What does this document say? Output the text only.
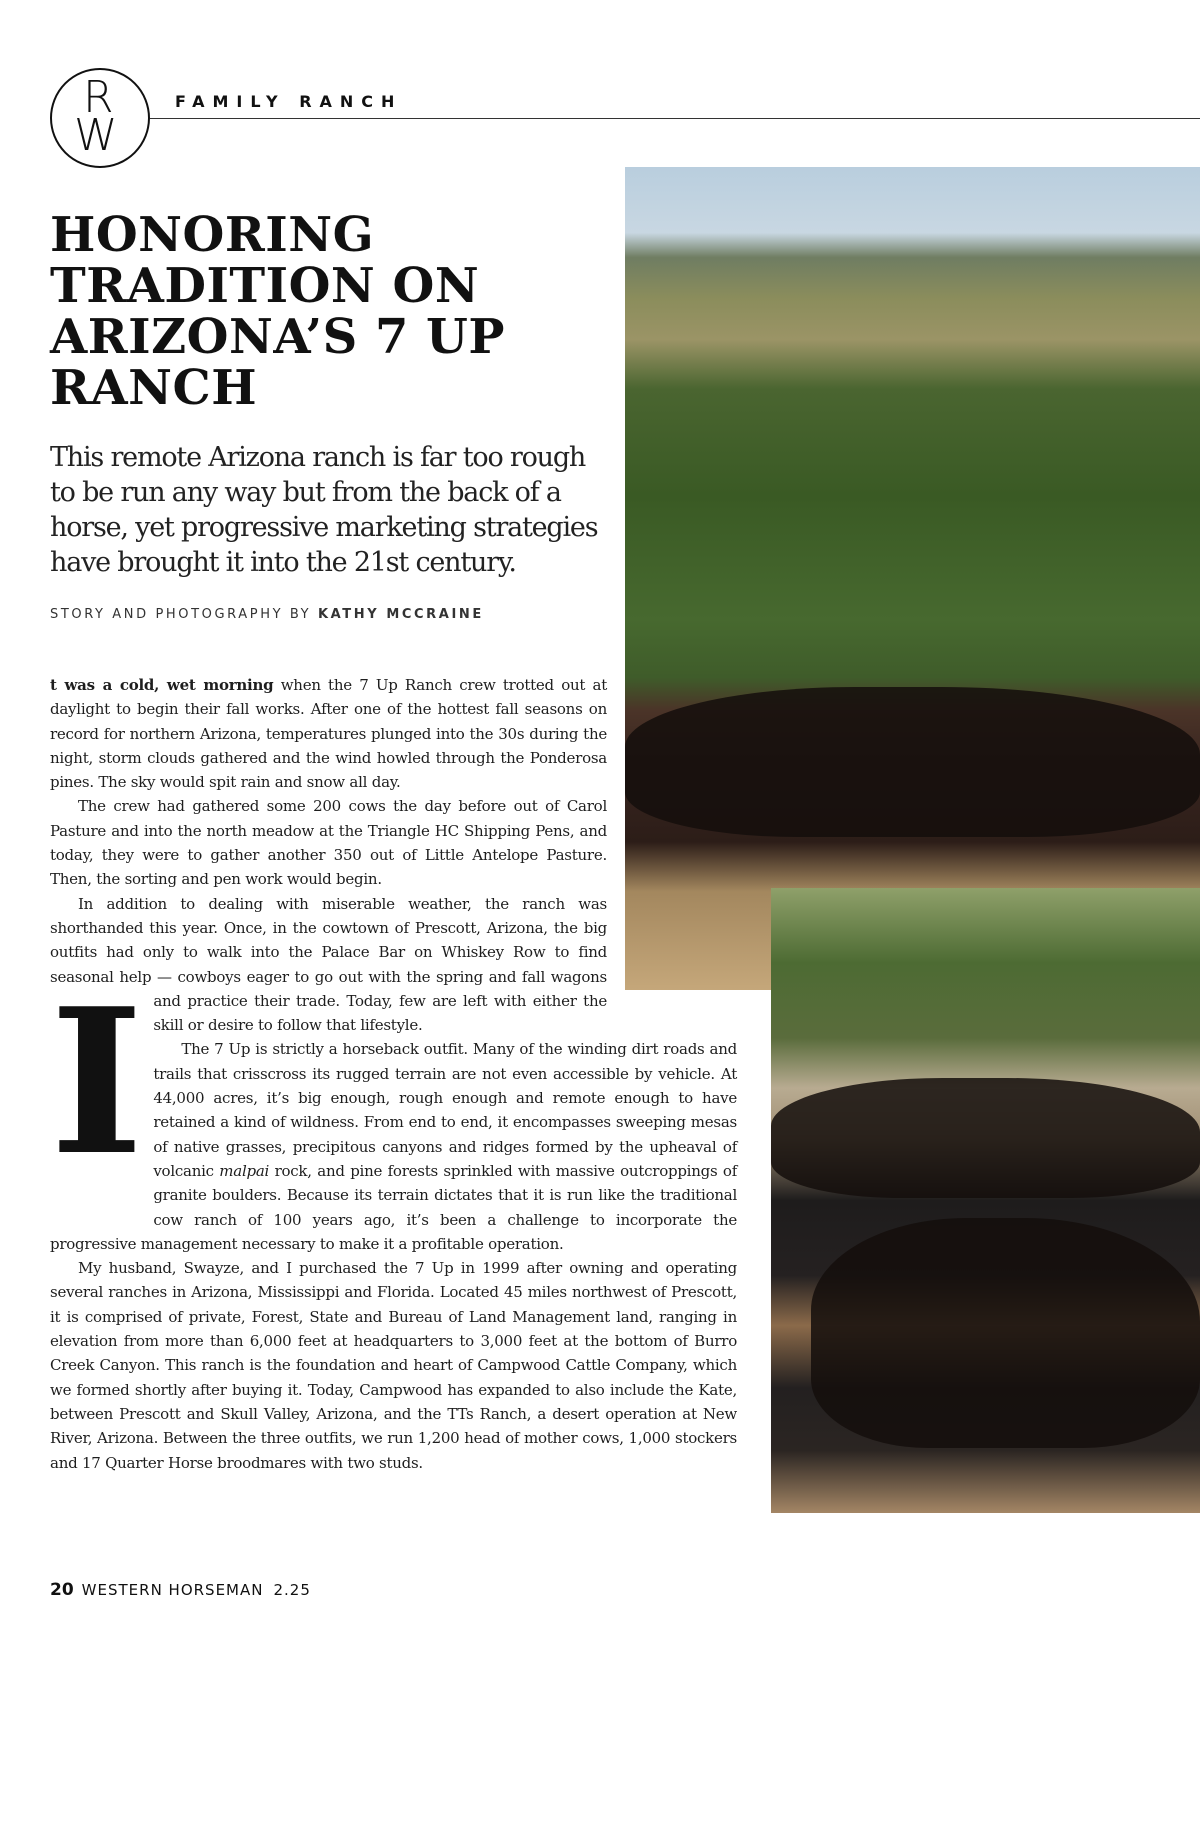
R
W
FAMILY RANCH
HONORING TRADITION ON ARIZONA’S 7 UP RANCH

This remote Arizona ranch is far too rough to be run any way but from the back of a horse, yet progressive marketing strategies have brought it into the 21st century.

STORY AND PHOTOGRAPHY BY KATHY MCCRAINE

I
t was a cold, wet morning when the 7 Up Ranch crew trotted out at daylight to begin their fall works. After one of the hottest fall seasons on record for northern Arizona, temperatures plunged into the 30s during the night, storm clouds gathered and the wind howled through the Ponderosa pines. The sky would spit rain and snow all day.

The crew had gathered some 200 cows the day before out of Carol Pasture and into the north meadow at the Triangle HC Shipping Pens, and today, they were to gather another 350 out of Little Antelope Pasture. Then, the sorting and pen work would begin.

In addition to dealing with miserable weather, the ranch was shorthanded this year. Once, in the cowtown of Prescott, Arizona, the big outfits had only to walk into the Palace Bar on Whiskey Row to find seasonal help — cowboys eager to go out with the spring and fall wagons and practice their trade. Today, few are left with either the skill or desire to follow that lifestyle.

The 7 Up is strictly a horseback outfit. Many of the winding dirt roads and trails that crisscross its rugged terrain are not even accessible by vehicle. At 44,000 acres, it’s big enough, rough enough and remote enough to have retained a kind of wildness. From end to end, it encompasses sweeping mesas of native grasses, precipitous canyons and ridges formed by the upheaval of volcanic malpai rock, and pine forests sprinkled with massive outcroppings of granite boulders. Because its terrain dictates that it is run like the traditional cow ranch of 100 years ago, it’s been a challenge to incorporate the progressive management necessary to make it a profitable operation.

My husband, Swayze, and I purchased the 7 Up in 1999 after owning and operating several ranches in Arizona, Mississippi and Florida. Located 45 miles northwest of Prescott, it is comprised of private, Forest, State and Bureau of Land Management land, ranging in elevation from more than 6,000 feet at headquarters to 3,000 feet at the bottom of Burro Creek Canyon. This ranch is the foundation and heart of Campwood Cattle Company, which we formed shortly after buying it. Today, Campwood has expanded to also include the Kate, between Prescott and Skull Valley, Arizona, and the TTs Ranch, a desert operation at New River, Arizona. Between the three outfits, we run 1,200 head of mother cows, 1,000 stockers and 17 Quarter Horse broodmares with two studs.

20 WESTERN HORSEMAN 2.25
